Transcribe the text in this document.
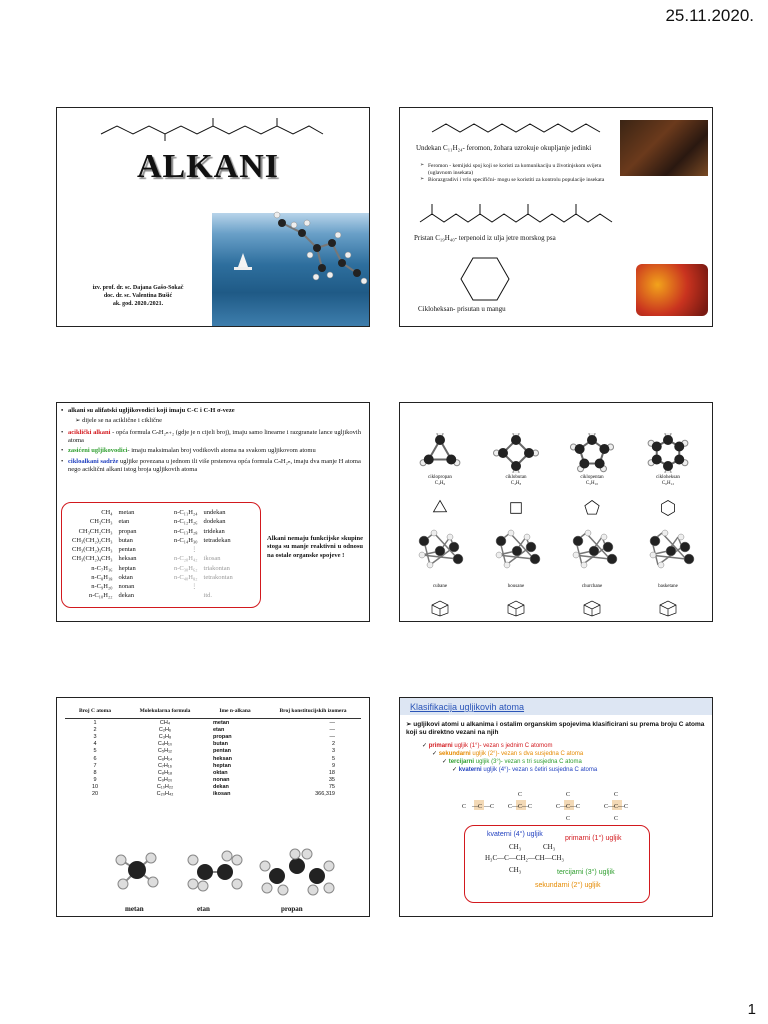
25.11.2020.
ALKANI
izv. prof. dr. sc. Dajana Gašo-Sokač
doc. dr. sc. Valentina Bušić
ak. god. 2020./2021.
Undekan C₁₁H₂₄- feromon, žohara uzrokuje okupljanje jedinki
➢ Feromon - kemijski spoj koji se koristi za komunikaciju u životinjskom svijetu (uglavnom insekata)
➢ Biorazgradivi i vrlo specifični- mogu se koristiti za kontrolu populacije insekata
Pristan C₁₉H₄₀- terpenoid iz ulja jetre morskog psa
Cikloheksan- prisutan u mangu
• alkani su alifatski ugljikovodici koji imaju C-C i C-H σ-veze
➢ dijele se na aciklične i ciklične
• aciklički alkani - opća formula CₙH₂ₙ₊₂ (gdje je n cijeli broj), imaju samo linearne i razgranate lance ugljikovih atoma
• zasićeni ugljikovodici- imaju maksimalan broj vodikovih atoma na svakom ugljikovom atomu
• cikloalkani sadrže ugljike povezana u jednom ili više prstenova opća formula CₙH₂ₙ, imaju dva manje H atoma nego aciklični alkani istog broja ugljikovih atoma
CH₄	metan
CH₃CH₃	etan
CH₃CH₂CH₃	propan
CH₃(CH₂)₂CH₃	butan
CH₃(CH₂)₃CH₃	pentan
CH₃(CH₂)₄CH₃	heksan
n-C₇H₁₆	heptan
n-C₈H₁₈	oktan
n-C₉H₂₀	nonan
n-C₁₀H₂₂	dekan
n-C₁₁H₂₄	undekan
n-C₁₂H₂₆	dodekan
n-C₁₃H₂₈	tridekan
n-C₁₄H₃₀	tetradekan
⋮	
n-C₂₀H₄₂	ikosan
n-C₃₀H₆₂	triakontan
n-C₄₀H₈₂	tetrakontan
⋮	
	itd.
Alkani nemaju funkcijske skupine stoga su manje reaktivni u odnosu na ostale organske spojeve !
ciklopropan
C₃H₆
ciklobutan
C₄H₈
ciklopentan
C₅H₁₀
cikloheksan
C₆H₁₂
cubane	housane	churchane	basketane
Broj C atoma	Molekularna formula	Ime n-alkana	Broj konstitucijskih izomera
1	CH₄	metan	—
2	C₂H₆	etan	—
3	C₃H₈	propan	—
4	C₄H₁₀	butan	2
5	C₅H₁₂	pentan	3
6	C₆H₁₄	heksan	5
7	C₇H₁₆	heptan	9
8	C₈H₁₈	oktan	18
9	C₉H₂₀	nonan	35
10	C₁₀H₂₂	dekan	75
20	C₂₀H₄₂	ikosan	366,319
metan	etan	propan
Klasifikacija ugljikovih atoma
➢ ugljikovi atomi u alkanima i ostalim organskim spojevima klasificirani su prema broju C atoma koji su direktno vezani na njih
✓ primarni ugljik (1°)- vezan s jednim C atomom
✓ sekundarni ugljik (2°)- vezan s dva susjedna C atoma
✓ tercijarni ugljik (3°)- vezan s tri susjedna C atoma
✓ kvaterni ugljik (4°)- vezan s četiri susjedna C atoma
C —C —C
C
C—C—C
C
C—C—C
C
C
C—C—C
C
kvaterni (4°) ugljik
primarni (1°) ugljik
CH₃	CH₃
H₃C—C—CH₂—CH—CH₃
CH₃	tercijarni (3°) ugljik
sekundarni (2°) ugljik
1
